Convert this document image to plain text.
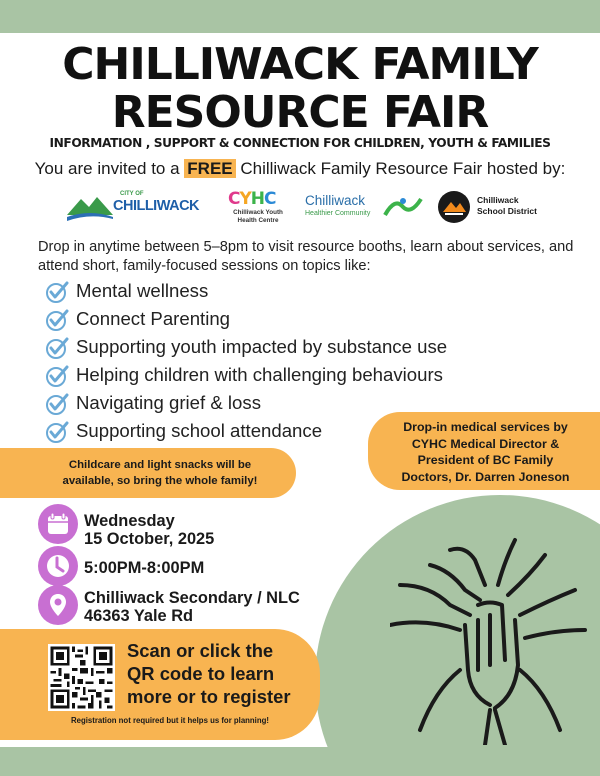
CHILLIWACK FAMILY
RESOURCE FAIR
INFORMATION , SUPPORT & CONNECTION FOR CHILDREN, YOUTH & FAMILIES
You are invited to a FREE Chilliwack Family Resource Fair hosted by:
CITY OF
CHILLIWACK CYHC
Chilliwack Youth
Health Centre
Chilliwack
Healthier Community
Chilliwack
School District
Drop in anytime between 5–8pm to visit resource booths, learn about services, and attend short, family-focused sessions on topics like:
Mental wellness
Connect Parenting
Supporting youth impacted by substance use
Helping children with challenging behaviours
Navigating grief & loss
Supporting school attendance	Drop-in medical services by
CYHC Medical Director &
President of BC Family
Doctors, Dr. Darren Joneson
Childcare and light snacks will be
available, so bring the whole family!
Wednesday
15 October, 2025
5:00PM-8:00PM
Chilliwack Secondary / NLC
46363 Yale Rd
Scan or click the
QR code to learn
more or to register
Registration not required but it helps us for planning!
